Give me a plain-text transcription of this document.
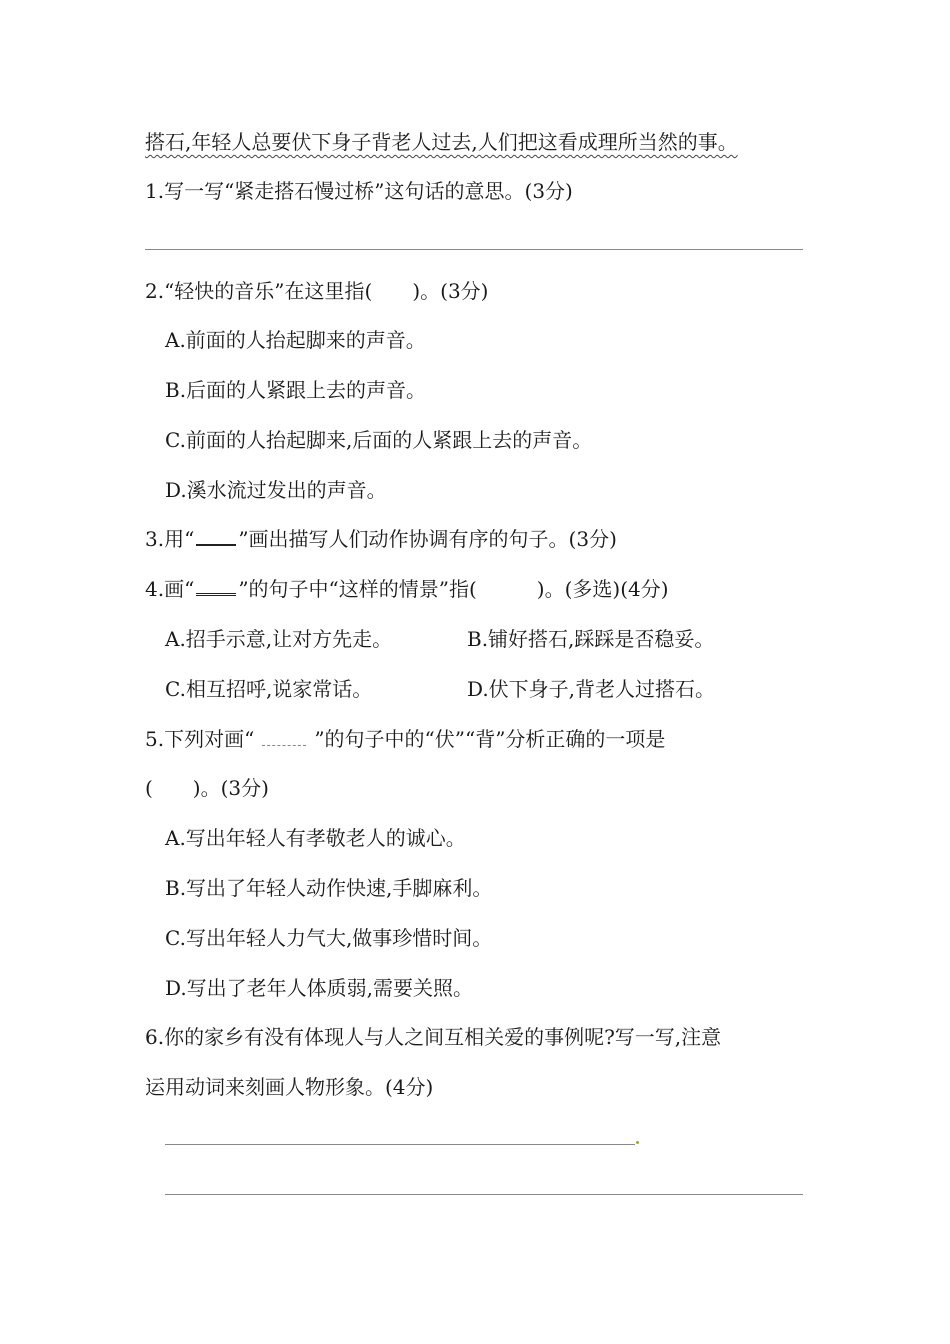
搭石,年轻人总要伏下身子背老人过去,人们把这看成理所当然的事。
1.写一写“紧走搭石慢过桥”这句话的意思。(3分)
2.“轻快的音乐”在这里指(　　)。(3分)
A.前面的人抬起脚来的声音。
B.后面的人紧跟上去的声音。
C.前面的人抬起脚来,后面的人紧跟上去的声音。
D.溪水流过发出的声音。
3.用“ ”画出描写人们动作协调有序的句子。(3分)
4.画“ ”的句子中“这样的情景”指(　　　)。(多选)(4分)
A.招手示意,让对方先走。	B.铺好搭石,踩踩是否稳妥。
C.相互招呼,说家常话。	D.伏下身子,背老人过搭石。
5.下列对画“	”的句子中的“伏”“背”分析正确的一项是
(　　)。(3分)
A.写出年轻人有孝敬老人的诚心。
B.写出了年轻人动作快速,手脚麻利。
C.写出年轻人力气大,做事珍惜时间。
D.写出了老年人体质弱,需要关照。
6.你的家乡有没有体现人与人之间互相关爱的事例呢?写一写,注意
运用动词来刻画人物形象。(4分)
